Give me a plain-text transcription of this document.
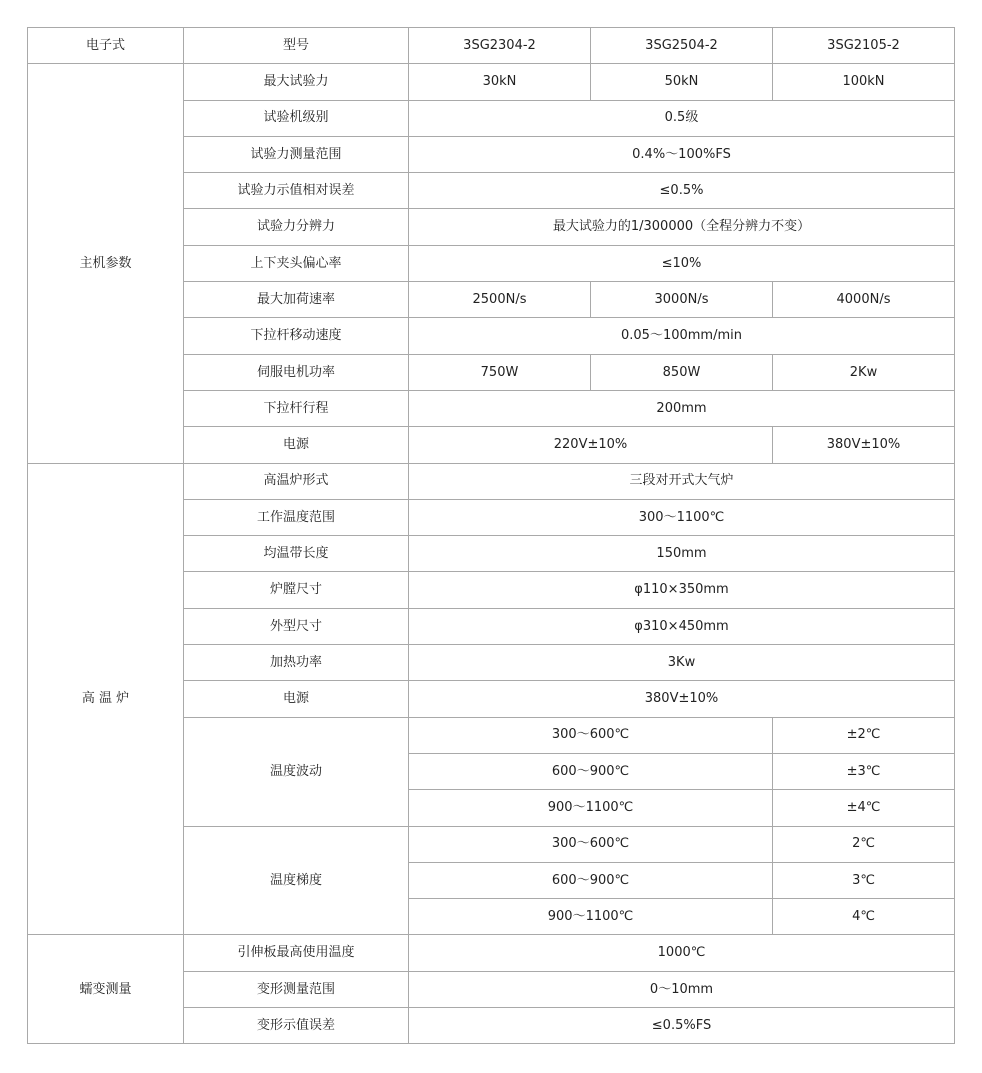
电子式	型号	3SG2304-2	3SG2504-2	3SG2105-2
主机参数	最大试验力	30kN	50kN	100kN
	试验机级别	0.5级		
	试验力测量范围	0.4%～100%FS		
	试验力示值相对误差	≤0.5%		
	试验力分辨力	最大试验力的1/300000（全程分辨力不变）		
	上下夹头偏心率	≤10%		
	最大加荷速率	2500N/s	3000N/s	4000N/s
	下拉杆移动速度	0.05～100mm/min		
	伺服电机功率	750W	850W	2Kw
	下拉杆行程	200mm		
	电源	220V±10%		380V±10%
高 温 炉	高温炉形式	三段对开式大气炉		
	工作温度范围	300～1100℃		
	均温带长度	150mm		
	炉膛尺寸	φ110×350mm		
	外型尺寸	φ310×450mm		
	加热功率	3Kw		
	电源	380V±10%		
	温度波动	300～600℃		±2℃
		600～900℃		±3℃
		900～1100℃		±4℃
	温度梯度	300～600℃		2℃
		600～900℃		3℃
		900～1100℃		4℃
蠕变测量	引伸板最高使用温度	1000℃		
	变形测量范围	0～10mm		
	变形示值误差	≤0.5%FS		
